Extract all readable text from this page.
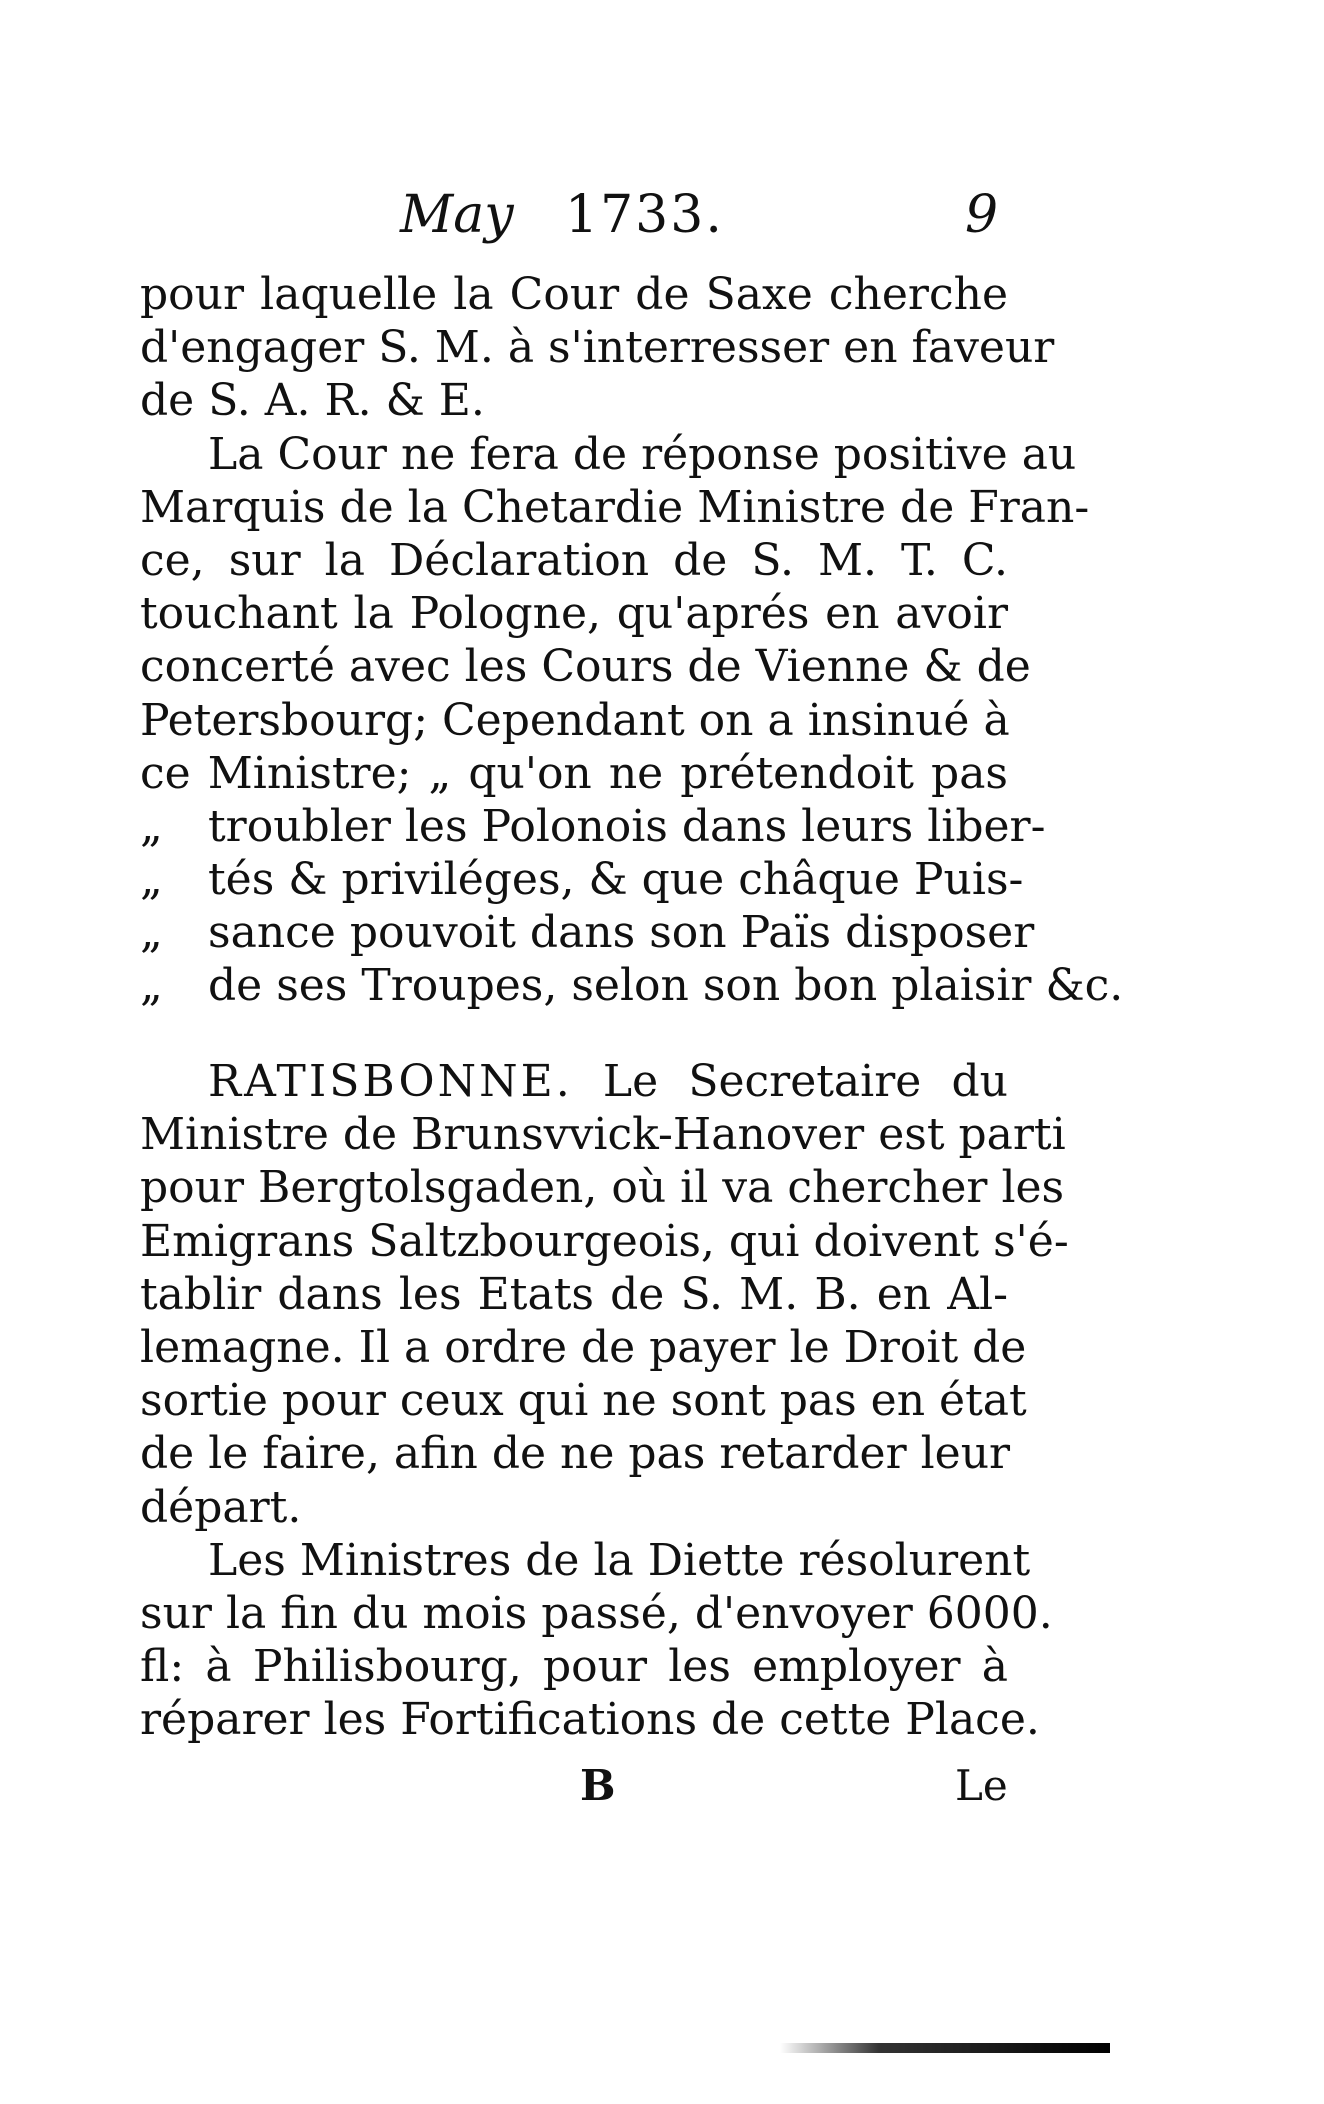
May 1733.	9
pour laquelle la Cour de Saxe cherche
d'engager S. M. à s'interresser en faveur
de S. A. R. & E.
La Cour ne fera de réponse positive au
Marquis de la Chetardie Ministre de Fran-
ce, sur la Déclaration de S. M. T. C.
touchant la Pologne, qu'aprés en avoir
concerté avec les Cours de Vienne & de
Petersbourg; Cependant on a insinué à
ce Ministre; „ qu'on ne prétendoit pas
„ troubler les Polonois dans leurs liber-
„ tés & priviléges, & que châque Puis-
„ sance pouvoit dans son Païs disposer
„ de ses Troupes, selon son bon plaisir &c.
RATISBONNE. Le Secretaire du
Ministre de Brunsvvick-Hanover est parti
pour Bergtolsgaden, où il va chercher les
Emigrans Saltzbourgeois, qui doivent s'é-
tablir dans les Etats de S. M. B. en Al-
lemagne. Il a ordre de payer le Droit de
sortie pour ceux qui ne sont pas en état
de le faire, afin de ne pas retarder leur
départ.
Les Ministres de la Diette résolurent
sur la fin du mois passé, d'envoyer 6000.
fl: à Philisbourg, pour les employer à
réparer les Fortifications de cette Place.
B	Le
